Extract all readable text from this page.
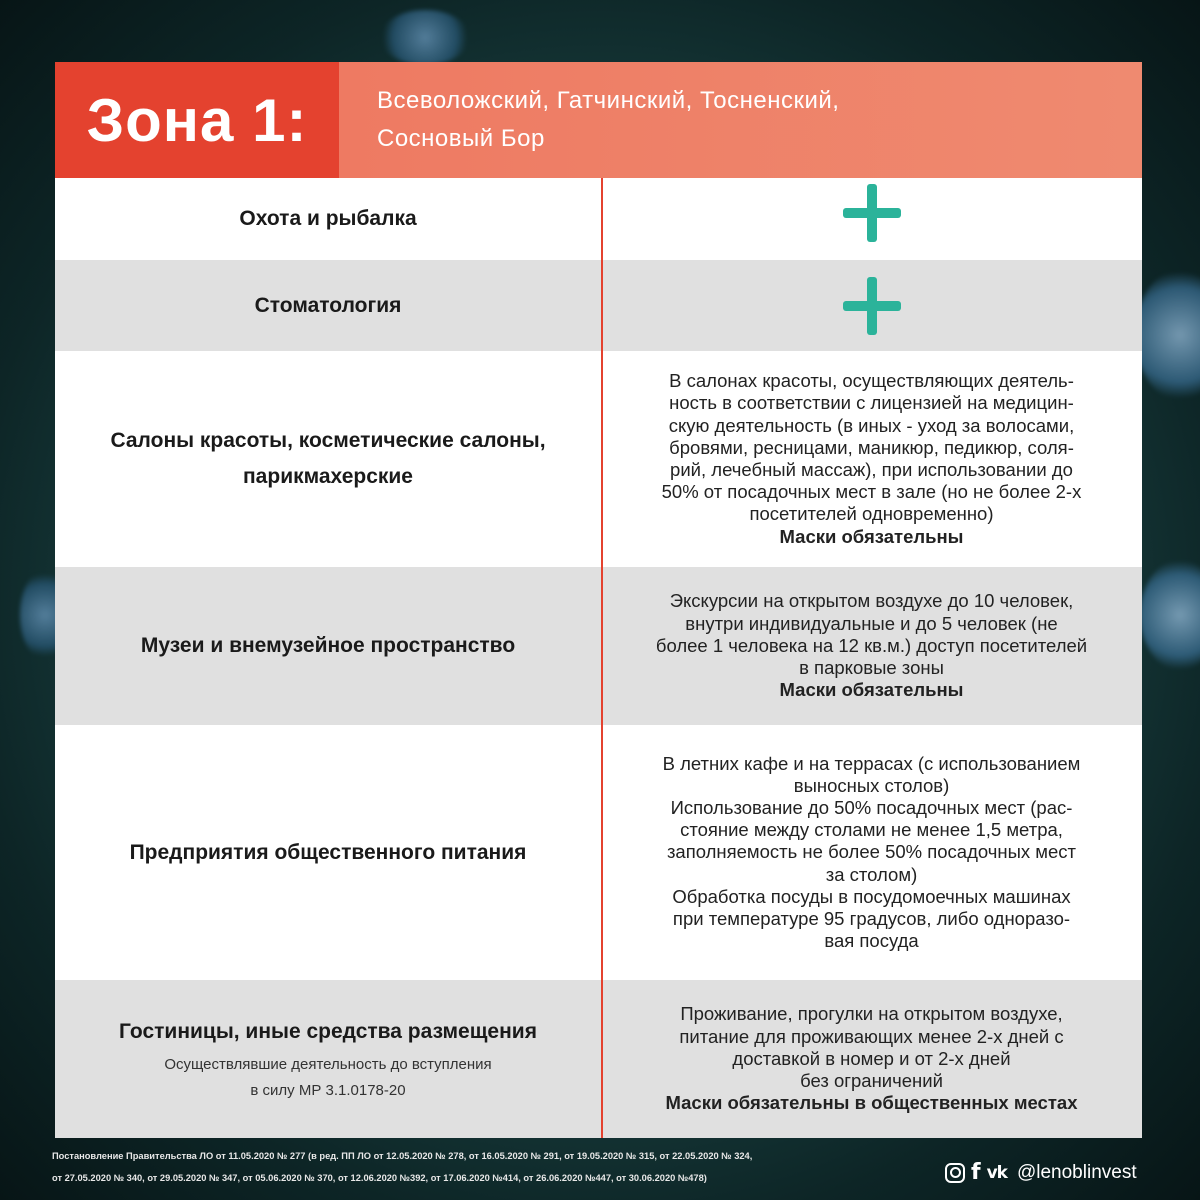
Зона 1:	Всеволожский, Гатчинский, Тосненский,
Сосновый Бор
Охота и рыбалка
Стоматология
Салоны красоты, косметические салоны,
парикмахерские
В салонах красоты, осуществляющих деятель-
ность в соответствии с лицензией на медицин-
скую деятельность (в иных - уход за волосами,
бровями, ресницами, маникюр, педикюр, соля-
рий, лечебный массаж), при использовании до
50% от посадочных мест в зале (но не более 2-х
посетителей одновременно)
Маски обязательны
Музеи и внемузейное пространство
Экскурсии на открытом воздухе до 10 человек,
внутри индивидуальные и до 5 человек (не
более 1 человека на 12 кв.м.) доступ посетителей
в парковые зоны
Маски обязательны
Предприятия общественного питания
В летних кафе и на террасах (с использованием
выносных столов)
Использование до 50% посадочных мест (рас-
стояние между столами не менее 1,5 метра,
заполняемость не более 50% посадочных мест
за столом)
Обработка посуды в посудомоечных машинах
при температуре 95 градусов, либо одноразо-
вая посуда
Гостиницы, иные средства размещения
Осуществлявшие деятельность до вступления
в силу МР 3.1.0178-20
Проживание, прогулки на открытом воздухе,
питание для проживающих менее 2-х дней с
доставкой в номер и от 2-х дней
без ограничений
Маски обязательны в общественных местах
Постановление Правительства ЛО от 11.05.2020 № 277 (в ред. ПП ЛО от 12.05.2020 № 278, от 16.05.2020 № 291, от 19.05.2020 № 315, от 22.05.2020 № 324,
от 27.05.2020 № 340, от 29.05.2020 № 347, от 05.06.2020 № 370, от 12.06.2020 №392, от 17.06.2020 №414, от 26.06.2020 №447, от 30.06.2020 №478)	f vk @lenoblinvest
